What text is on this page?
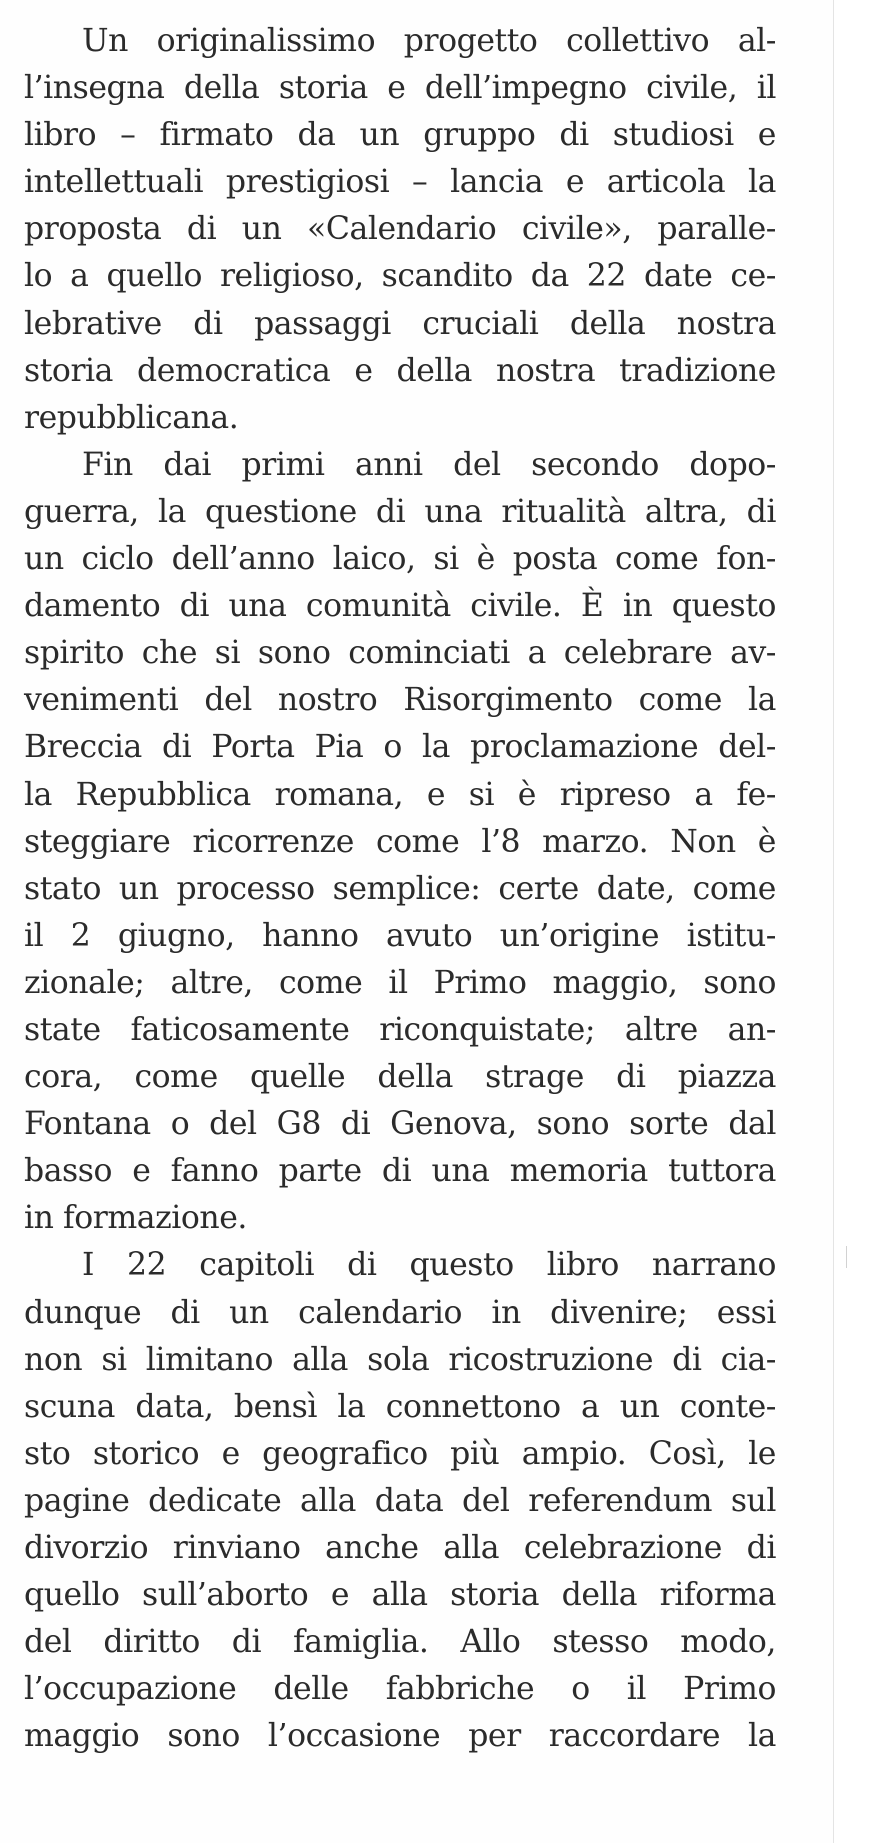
Un originalissimo progetto collettivo al-
l’insegna della storia e dell’impegno civile, il
libro – firmato da un gruppo di studiosi e
intellettuali prestigiosi – lancia e articola la
proposta di un «Calendario civile», paralle-
lo a quello religioso, scandito da 22 date ce-
lebrative di passaggi cruciali della nostra
storia democratica e della nostra tradizione
repubblicana.

Fin dai primi anni del secondo dopo-
guerra, la questione di una ritualità altra, di
un ciclo dell’anno laico, si è posta come fon-
damento di una comunità civile. È in questo
spirito che si sono cominciati a celebrare av-
venimenti del nostro Risorgimento come la
Breccia di Porta Pia o la proclamazione del-
la Repubblica romana, e si è ripreso a fe-
steggiare ricorrenze come l’8 marzo. Non è
stato un processo semplice: certe date, come
il 2 giugno, hanno avuto un’origine istitu-
zionale; altre, come il Primo maggio, sono
state faticosamente riconquistate; altre an-
cora, come quelle della strage di piazza
Fontana o del G8 di Genova, sono sorte dal
basso e fanno parte di una memoria tuttora
in formazione.

I 22 capitoli di questo libro narrano
dunque di un calendario in divenire; essi
non si limitano alla sola ricostruzione di cia-
scuna data, bensì la connettono a un conte-
sto storico e geografico più ampio. Così, le
pagine dedicate alla data del referendum sul
divorzio rinviano anche alla celebrazione di
quello sull’aborto e alla storia della riforma
del diritto di famiglia. Allo stesso modo,
l’occupazione delle fabbriche o il Primo
maggio sono l’occasione per raccordare la
